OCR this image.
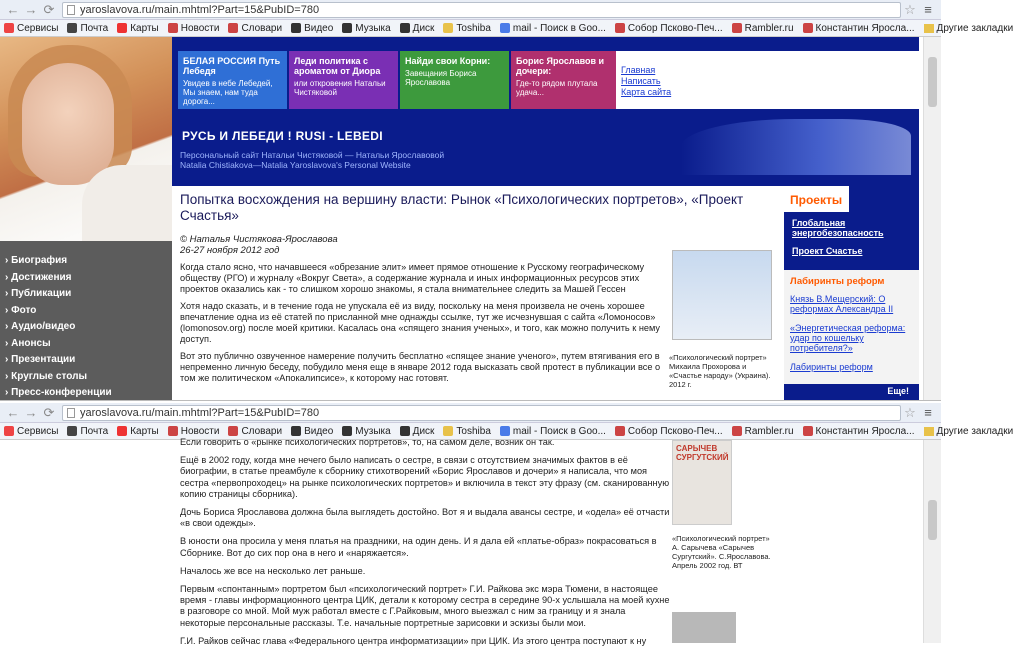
← → ⟳	yaroslavova.ru/main.mhtml?Part=15&PubID=780	☆ ≡
Сервисы Почта Карты Новости Словари Видео Музыка Диск Toshiba mail - Поиск в Goo... Собор Псково-Печ... Rambler.ru Константин Яросла... Другие закладки
› Биография
› Достижения
› Публикации
› Фото
› Аудио/видео
› Анонсы
› Презентации
› Круглые столы
› Пресс-конференции
БЕЛАЯ РОССИЯ Путь Лебедя
Увидев в небе Лебедей, Мы знаем, нам туда дорога...
Леди политика с ароматом от Диора
или откровения Натальи Чистяковой
Найди свои Корни:
Завещания Бориса Ярославова
Борис Ярославов и дочери:
Где-то рядом плутала удача...
Главная
Написать
Карта сайта
РУСЬ И ЛЕБЕДИ ! RUSI - LEBEDI
Персональный сайт Натальи Чистяковой — Натальи Ярославовой
Natalia Chistiakova—Natalia Yaroslavova's Personal Website
Попытка восхождения на вершину власти: Рынок «Психологических портретов», «Проект Счастья»
© Наталья Чистякова-Ярославова
26-27 ноября 2012 год

Когда стало ясно, что начавшееся «обрезание элит» имеет прямое отношение к Русскому географическому обществу (РГО) и журналу «Вокруг Света», а содержание журнала и иных информационных ресурсов этих проектов оказались как - то слишком хорошо знакомы, я стала внимательнее следить за Машей Гессен

Хотя надо сказать, и в течение года не упускала её из виду, поскольку на меня произвела не очень хорошее впечатление одна из её статей по присланной мне однажды ссылке, тут же исчезнувшая с сайта «Ломоносов» (lomonosov.org) после моей критики. Касалась она «спящего знания ученых», и того, как можно получить к нему доступ.

Вот это публично озвученное намерение получить бесплатно «спящее знание ученого», путем втягивания его в непременно личную беседу, побудило меня еще в январе 2012 года высказать свой протест в публикации все о том же политическом «Апокалипсисе», к которому нас готовят.

«Психологический портрет» Михаила Прохорова и «Счастье народу» (Украина). 2012 г.
Проекты
Глобальная энергобезопасность
Проект Счастье
Лабиринты реформ
Князь В.Мещерский: О реформах Александра II
«Энергетическая реформа: удар по кошельку потребителя?»
Лабиринты реформ
Еще!
← → ⟳	yaroslavova.ru/main.mhtml?Part=15&PubID=780	☆ ≡
Сервисы Почта Карты Новости Словари Видео Музыка Диск Toshiba mail - Поиск в Goo... Собор Псково-Печ... Rambler.ru Константин Яросла... Другие закладки

Если говорить о «рынке психологических портретов», то, на самом деле, возник он так.

Ещё в 2002 году, когда мне нечего было написать о сестре, в связи с отсутствием значимых фактов в её биографии, в статье преамбуле к сборнику стихотворений «Борис Ярославов и дочери» я написала, что моя сестра «первопроходец» на рынке психологических портретов» и включила в текст эту фразу (см. сканированную копию страницы сборника).

Дочь Бориса Ярославова должна была выглядеть достойно. Вот я и выдала авансы сестре, и «одела» её отчасти «в свои одежды».

В юности она просила у меня платья на праздники, на один день. И я дала ей «платье-образ» покрасоваться в Сборнике. Вот до сих пор она в него и «наряжается».

Началось же все на несколько лет раньше.

Первым «спонтанным» портретом был «психологический портрет» Г.И. Райкова экс мэра Тюмени, в настоящее время - главы информационного центра ЦИК, детали к которому сестра в середине 90-х услышала на моей кухне в разговоре со мной. Мой муж работал вместе с Г.Райковым, много выезжал с ним за границу и я знала некоторые персональные рассказы. Т.е. начальные портретные зарисовки и эскизы были мои.

Г.И. Райков сейчас глава «Федерального центра информатизации» при ЦИК. Из этого центра поступают к ну

САРЫЧЕВ СУРГУТСКИЙ
«Психологический портрет» А. Сарычева «Сарычев Сургутский». С.Ярославова. Апрель 2002 год. ВТ
